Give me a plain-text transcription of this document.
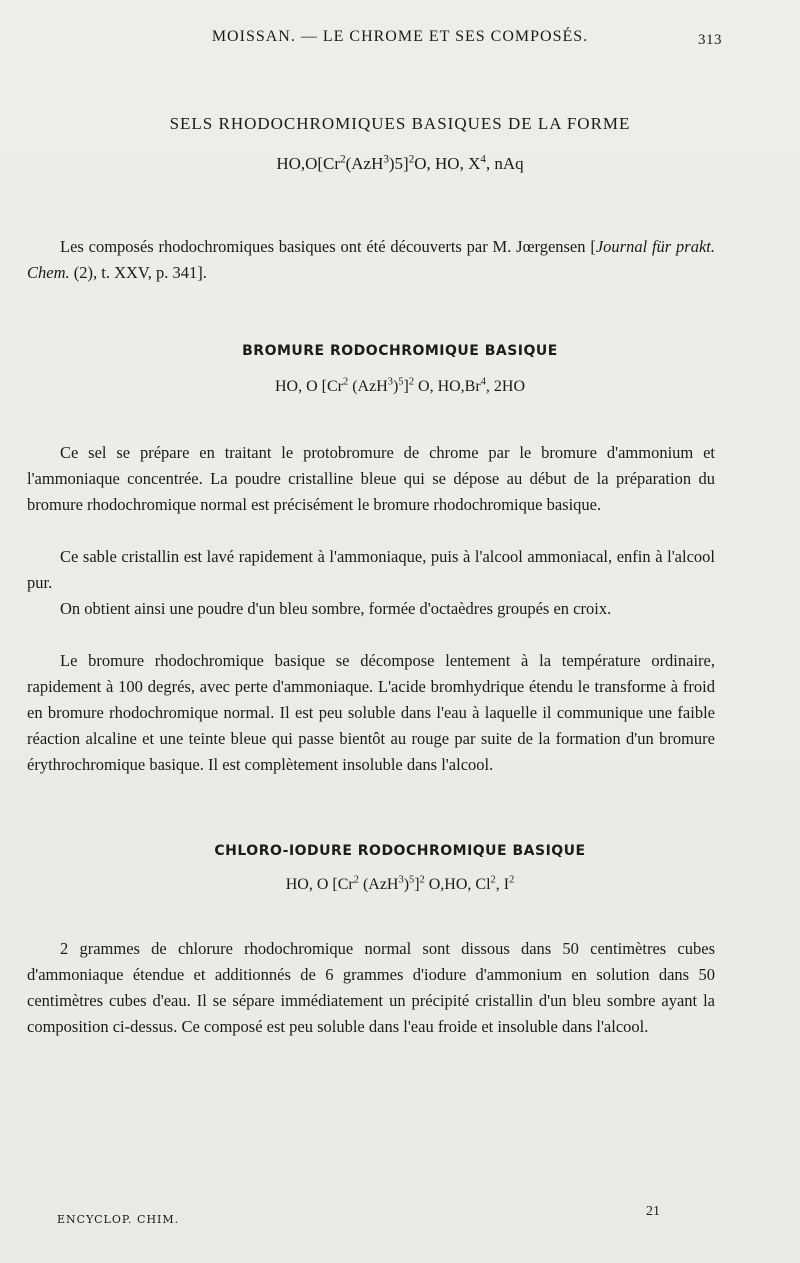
MOISSAN. — LE CHROME ET SES COMPOSÉS.	313
SELS RHODOCHROMIQUES BASIQUES DE LA FORME
$HO,O[Cr^2(AzH^3)5]^2O$, HO, $X^4$, nAq

Les composés rhodochromiques basiques ont été découverts par M. Jœrgensen [Journal für prakt. Chem. (2), t. XXV, p. 341].

BROMURE RODOCHROMIQUE BASIQUE
HO, O [Cr$^2$ $(AzH^3)^5]^2$ O, HO,Br$^4$, 2HO

Ce sel se prépare en traitant le protobromure de chrome par le bromure d'ammonium et l'ammoniaque concentrée. La poudre cristalline bleue qui se dépose au début de la préparation du bromure rhodochromique normal est précisément le bromure rhodochromique basique.

Ce sable cristallin est lavé rapidement à l'ammoniaque, puis à l'alcool ammoniacal, enfin à l'alcool pur.

On obtient ainsi une poudre d'un bleu sombre, formée d'octaèdres groupés en croix.

Le bromure rhodochromique basique se décompose lentement à la température ordinaire, rapidement à 100 degrés, avec perte d'ammoniaque. L'acide bromhydrique étendu le transforme à froid en bromure rhodochromique normal. Il est peu soluble dans l'eau à laquelle il communique une faible réaction alcaline et une teinte bleue qui passe bientôt au rouge par suite de la formation d'un bromure érythrochromique basique. Il est complètement insoluble dans l'alcool.

CHLORO-IODURE RODOCHROMIQUE BASIQUE
HO, O [Cr$^2$ $(AzH^3)^5]^2$ O,HO, Cl$^2$, $I^2$

2 grammes de chlorure rhodochromique normal sont dissous dans 50 centimètres cubes d'ammoniaque étendue et additionnés de 6 grammes d'iodure d'ammonium en solution dans 50 centimètres cubes d'eau. Il se sépare immédiatement un précipité cristallin d'un bleu sombre ayant la composition ci-dessus. Ce composé est peu soluble dans l'eau froide et insoluble dans l'alcool.

ENCYCLOP. CHIM.
21
